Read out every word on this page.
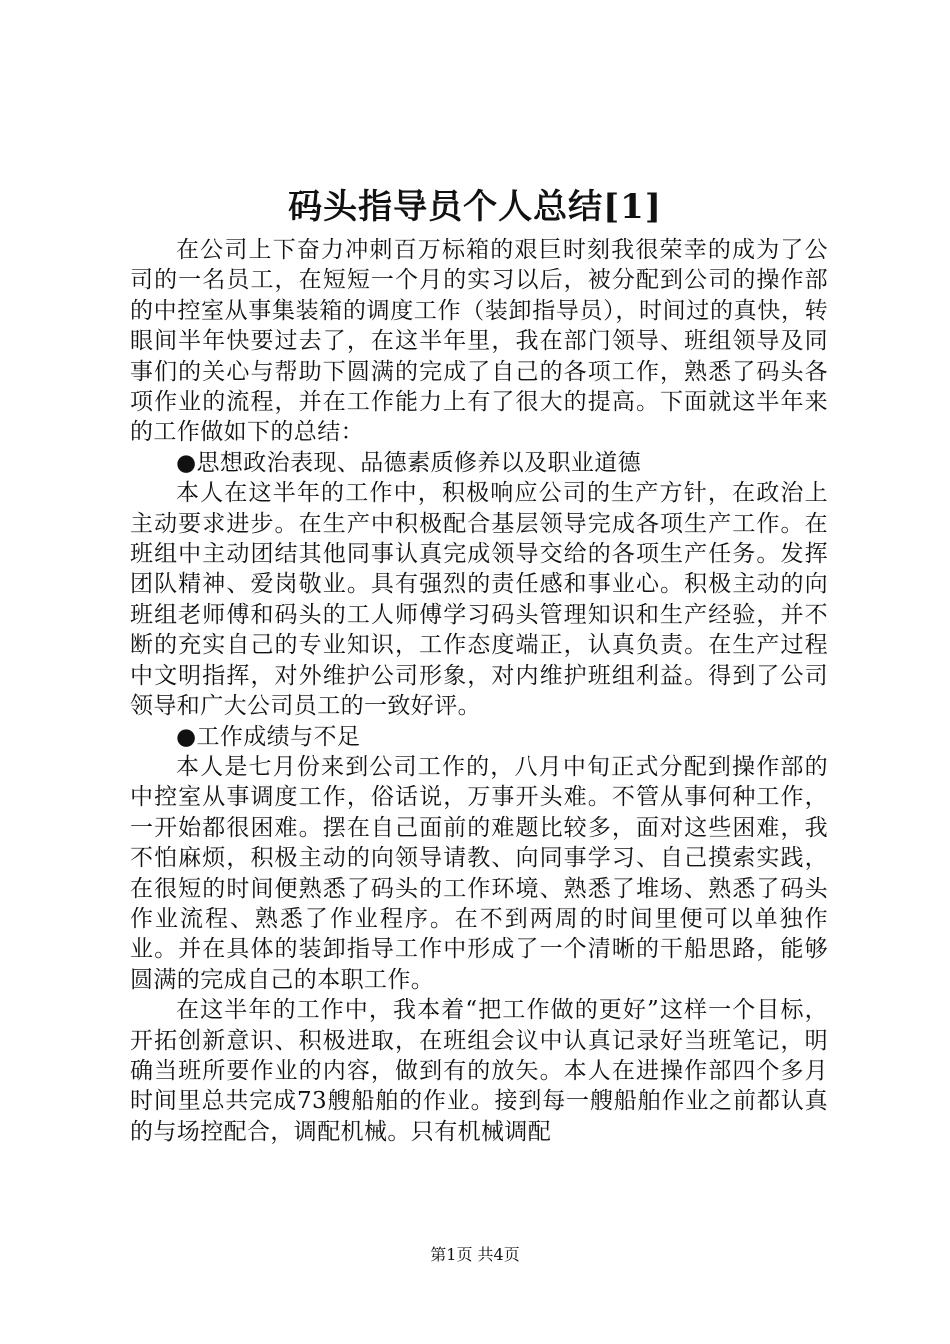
码头指导员个人总结[1]

在公司上下奋力冲刺百万标箱的艰巨时刻我很荣幸的成为了公司的一名员工，在短短一个月的实习以后，被分配到公司的操作部的中控室从事集装箱的调度工作（装卸指导员），时间过的真快，转眼间半年快要过去了，在这半年里，我在部门领导、班组领导及同事们的关心与帮助下圆满的完成了自己的各项工作，熟悉了码头各项作业的流程，并在工作能力上有了很大的提高。下面就这半年来的工作做如下的总结：

●思想政治表现、品德素质修养以及职业道德

本人在这半年的工作中，积极响应公司的生产方针，在政治上主动要求进步。在生产中积极配合基层领导完成各项生产工作。在班组中主动团结其他同事认真完成领导交给的各项生产任务。发挥团队精神、爱岗敬业。具有强烈的责任感和事业心。积极主动的向班组老师傅和码头的工人师傅学习码头管理知识和生产经验，并不断的充实自己的专业知识，工作态度端正，认真负责。在生产过程中文明指挥，对外维护公司形象，对内维护班组利益。得到了公司领导和广大公司员工的一致好评。

●工作成绩与不足

本人是七月份来到公司工作的，八月中旬正式分配到操作部的中控室从事调度工作，俗话说，万事开头难。不管从事何种工作，一开始都很困难。摆在自己面前的难题比较多，面对这些困难，我不怕麻烦，积极主动的向领导请教、向同事学习、自己摸索实践，在很短的时间便熟悉了码头的工作环境、熟悉了堆场、熟悉了码头作业流程、熟悉了作业程序。在不到两周的时间里便可以单独作业。并在具体的装卸指导工作中形成了一个清晰的干船思路，能够圆满的完成自己的本职工作。

在这半年的工作中，我本着“把工作做的更好”这样一个目标，开拓创新意识、积极进取，在班组会议中认真记录好当班笔记，明确当班所要作业的内容，做到有的放矢。本人在进操作部四个多月时间里总共完成73艘船舶的作业。接到每一艘船舶作业之前都认真的与场控配合，调配机械。只有机械调配

第1页 共4页
